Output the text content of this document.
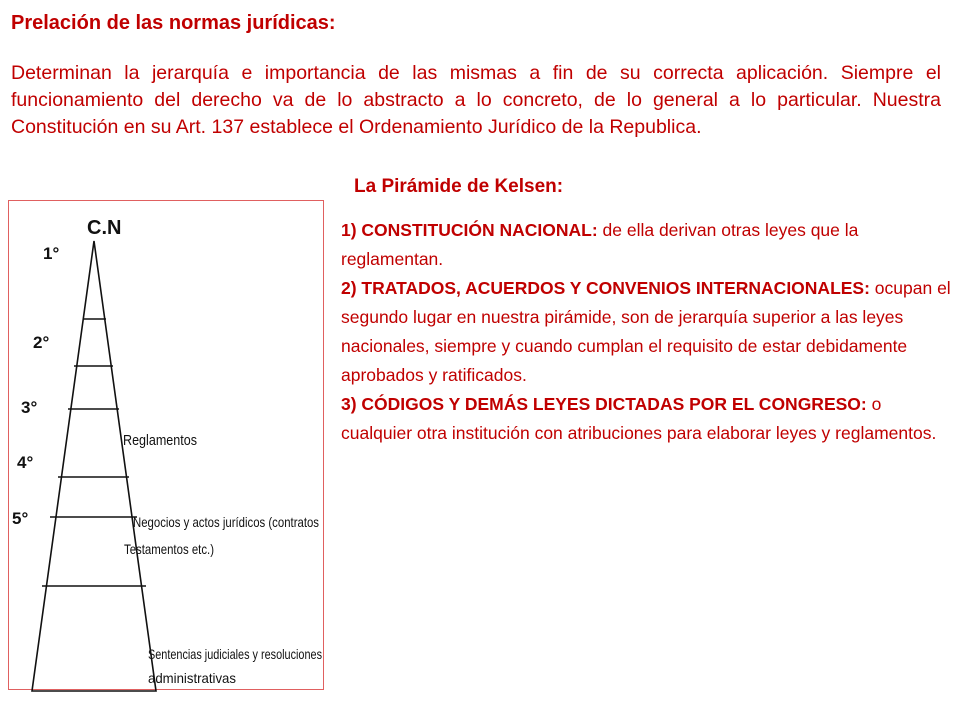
Prelación de las normas jurídicas:

Determinan la jerarquía e importancia de las mismas a fin de su correcta aplicación. Siempre el funcionamiento del derecho va de lo abstracto a lo concreto, de lo general a lo particular. Nuestra Constitución en su Art. 137 establece el Ordenamiento Jurídico de la Republica.

La Pirámide de Kelsen:
C.N
1°
2°
3°
4°
5°
Reglamentos
Negocios y actos jurídicos (contratos
Testamentos etc.)
Sentencias judiciales y resoluciones
administrativas

1) CONSTITUCIÓN NACIONAL: de ella derivan otras leyes que la reglamentan.

2) TRATADOS, ACUERDOS Y CONVENIOS INTERNACIONALES: ocupan el segundo lugar en nuestra pirámide, son de jerarquía superior a las leyes nacionales, siempre y cuando cumplan el requisito de estar debidamente aprobados y ratificados.

3) CÓDIGOS Y DEMÁS LEYES DICTADAS POR EL CONGRESO: o cualquier otra institución con atribuciones para elaborar leyes y reglamentos.
